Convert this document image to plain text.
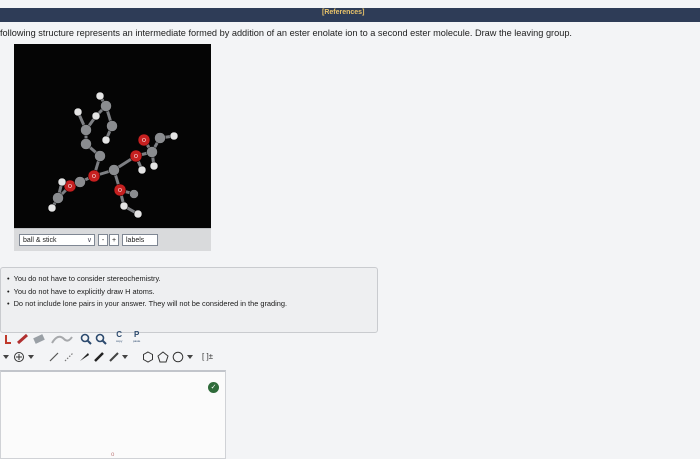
[References]
following structure represents an intermediate formed by addition of an ester enolate ion to a second ester molecule. Draw the leaving group.
O
O
O
O
O
ball & stick	∨	-	+	labels
• You do not have to consider stereochemistry.
• You do not have to explicitly draw H atoms.
• Do not include lone pairs in your answer. They will not be considered in the grading.
C
copy
P
paste
[ ]±
✓
o
